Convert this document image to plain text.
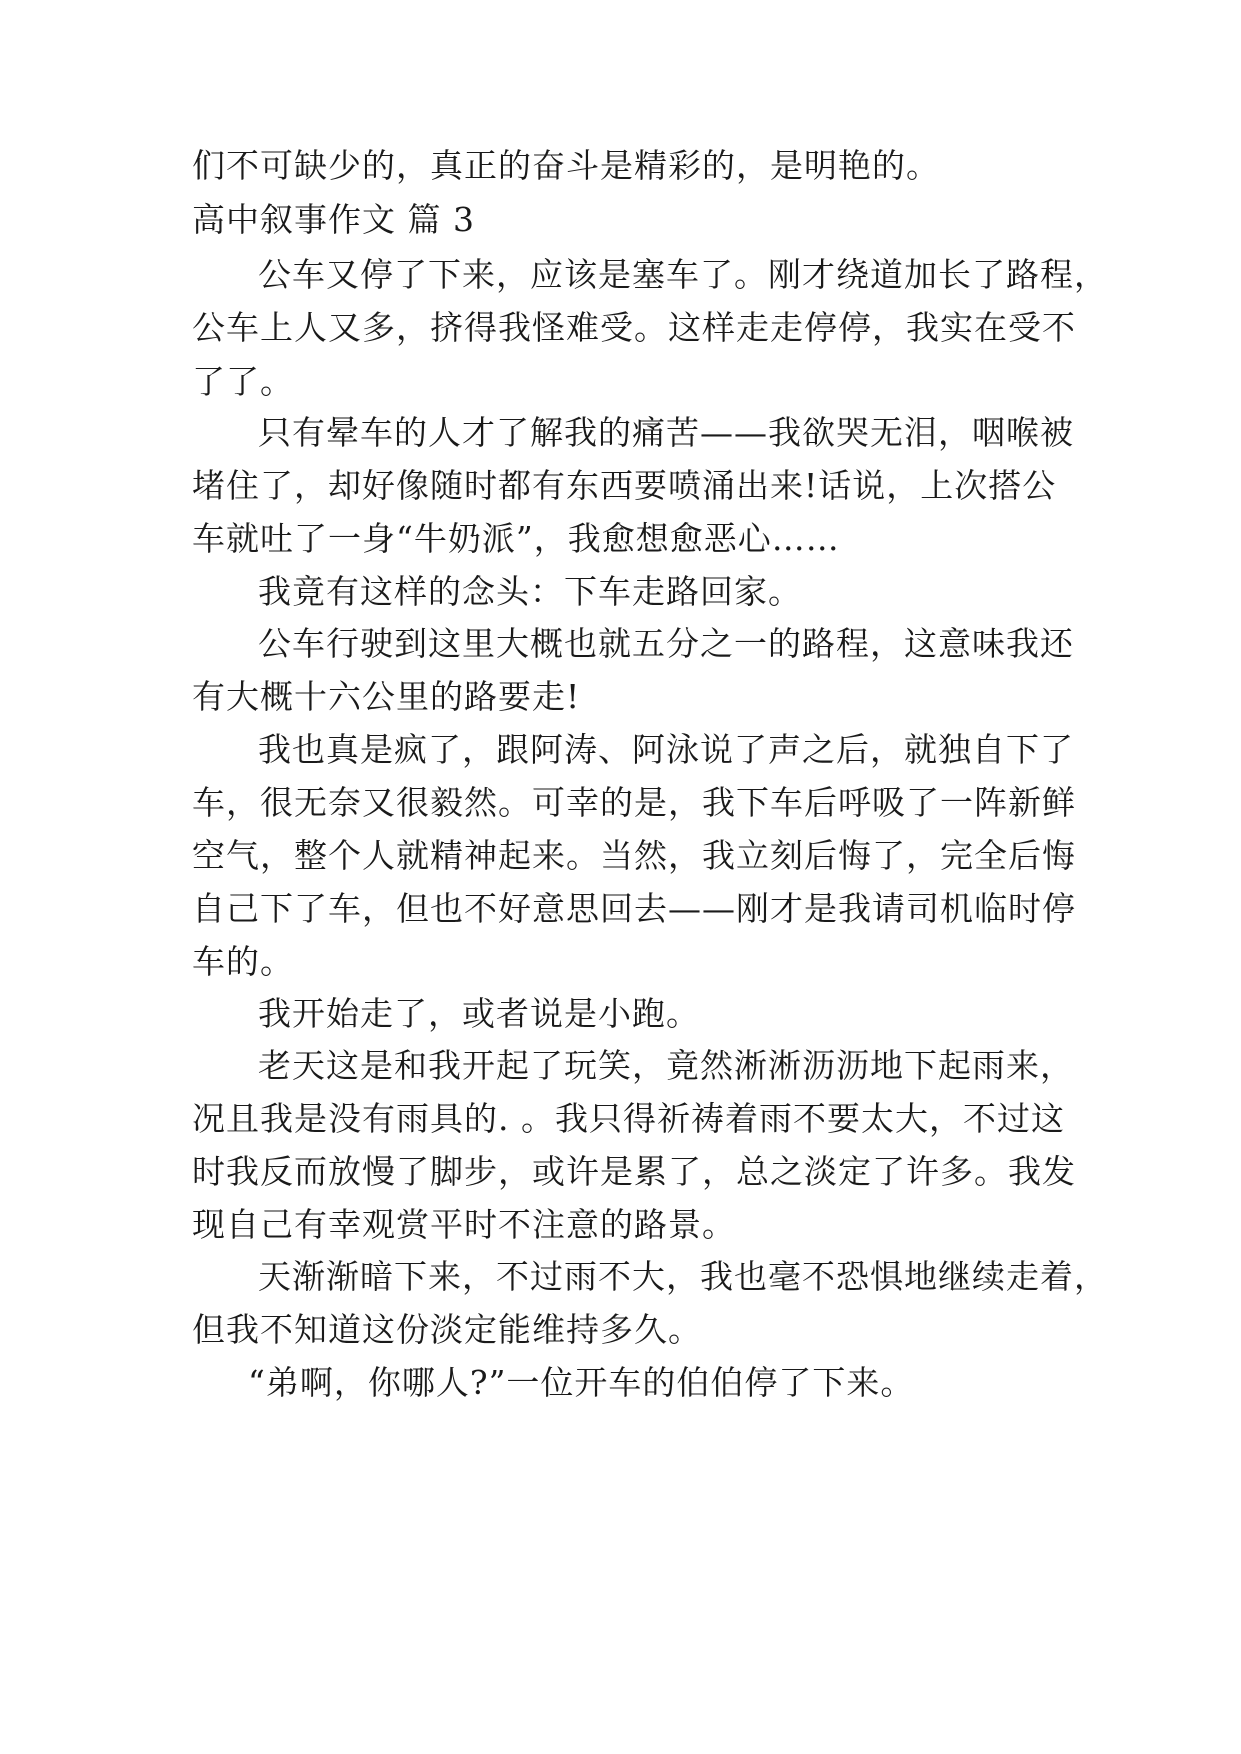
们不可缺少的，真正的奋斗是精彩的，是明艳的。
高中叙事作文 篇 3
公车又停了下来，应该是塞车了。刚才绕道加长了路程，
公车上人又多，挤得我怪难受。这样走走停停，我实在受不
了了。
只有晕车的人才了解我的痛苦——我欲哭无泪，咽喉被
堵住了，却好像随时都有东西要喷涌出来!话说，上次搭公
车就吐了一身“牛奶派”，我愈想愈恶心……
我竟有这样的念头：下车走路回家。
公车行驶到这里大概也就五分之一的路程，这意味我还
有大概十六公里的路要走!
我也真是疯了，跟阿涛、阿泳说了声之后，就独自下了
车，很无奈又很毅然。可幸的是，我下车后呼吸了一阵新鲜
空气，整个人就精神起来。当然，我立刻后悔了，完全后悔
自己下了车，但也不好意思回去——刚才是我请司机临时停
车的。
我开始走了，或者说是小跑。
老天这是和我开起了玩笑，竟然淅淅沥沥地下起雨来，
况且我是没有雨具的. 。我只得祈祷着雨不要太大，不过这
时我反而放慢了脚步，或许是累了，总之淡定了许多。我发
现自己有幸观赏平时不注意的路景。
天渐渐暗下来，不过雨不大，我也毫不恐惧地继续走着，
但我不知道这份淡定能维持多久。
“弟啊，你哪人?”一位开车的伯伯停了下来。
